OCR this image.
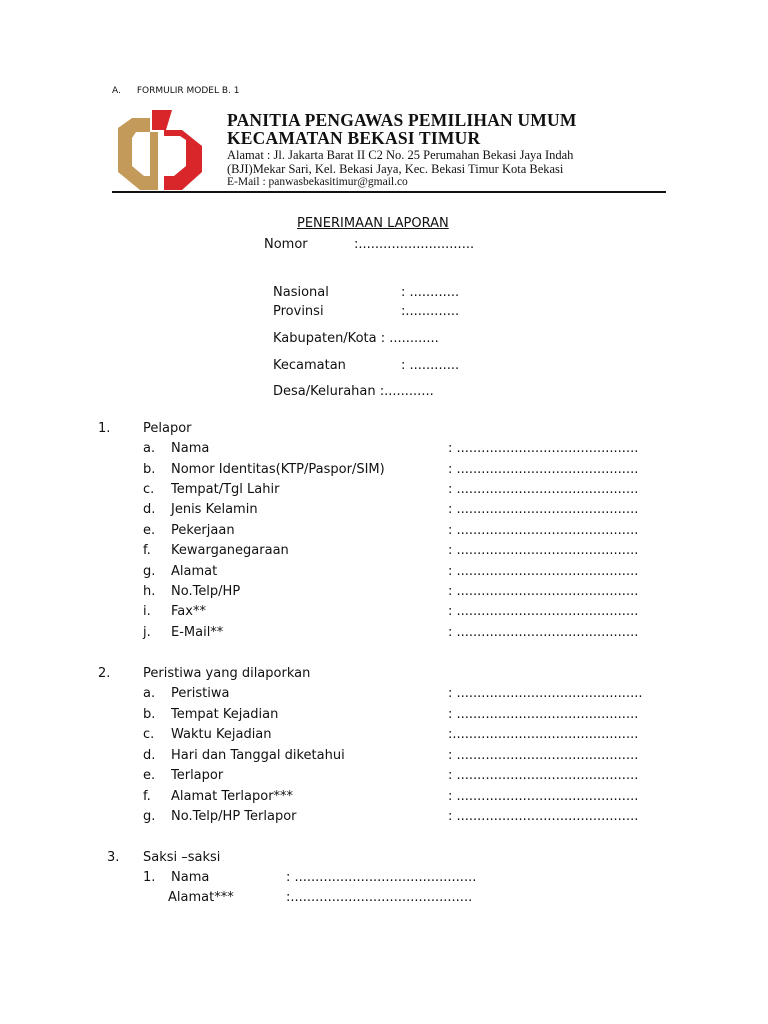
A. FORMULIR MODEL B. 1
PANITIA PENGAWAS PEMILIHAN UMUM
KECAMATAN BEKASI TIMUR
Alamat : Jl. Jakarta Barat II C2 No. 25 Perumahan Bekasi Jaya Indah
(BJI)Mekar Sari, Kel. Bekasi Jaya, Kec. Bekasi Timur Kota Bekasi
E-Mail : panwasbekasitimur@gmail.co
PENERIMAAN LAPORAN
Nomor	:............................
Nasional	: ............
Provinsi	:.............
Kabupaten/Kota : ............
Kecamatan	: ............
Desa/Kelurahan :............
1.	Pelapor
a. Nama	: ............................................
b. Nomor Identitas(KTP/Paspor/SIM)	: ............................................
c. Tempat/Tgl Lahir	: ............................................
d. Jenis Kelamin	: ............................................
e. Pekerjaan	: ............................................
f. Kewarganegaraan	: ............................................
g. Alamat	: ............................................
h. No.Telp/HP	: ............................................
i. Fax**	: ............................................
j. E-Mail**	: ............................................
2.	Peristiwa yang dilaporkan
a. Peristiwa	: .............................................
b. Tempat Kejadian	: ............................................
c. Waktu Kejadian	:.............................................
d. Hari dan Tanggal diketahui	: ............................................
e. Terlapor	: ............................................
f. Alamat Terlapor***	: ............................................
g. No.Telp/HP Terlapor	: ............................................
3. Saksi –saksi
1. Nama	: ............................................
Alamat***	:............................................
